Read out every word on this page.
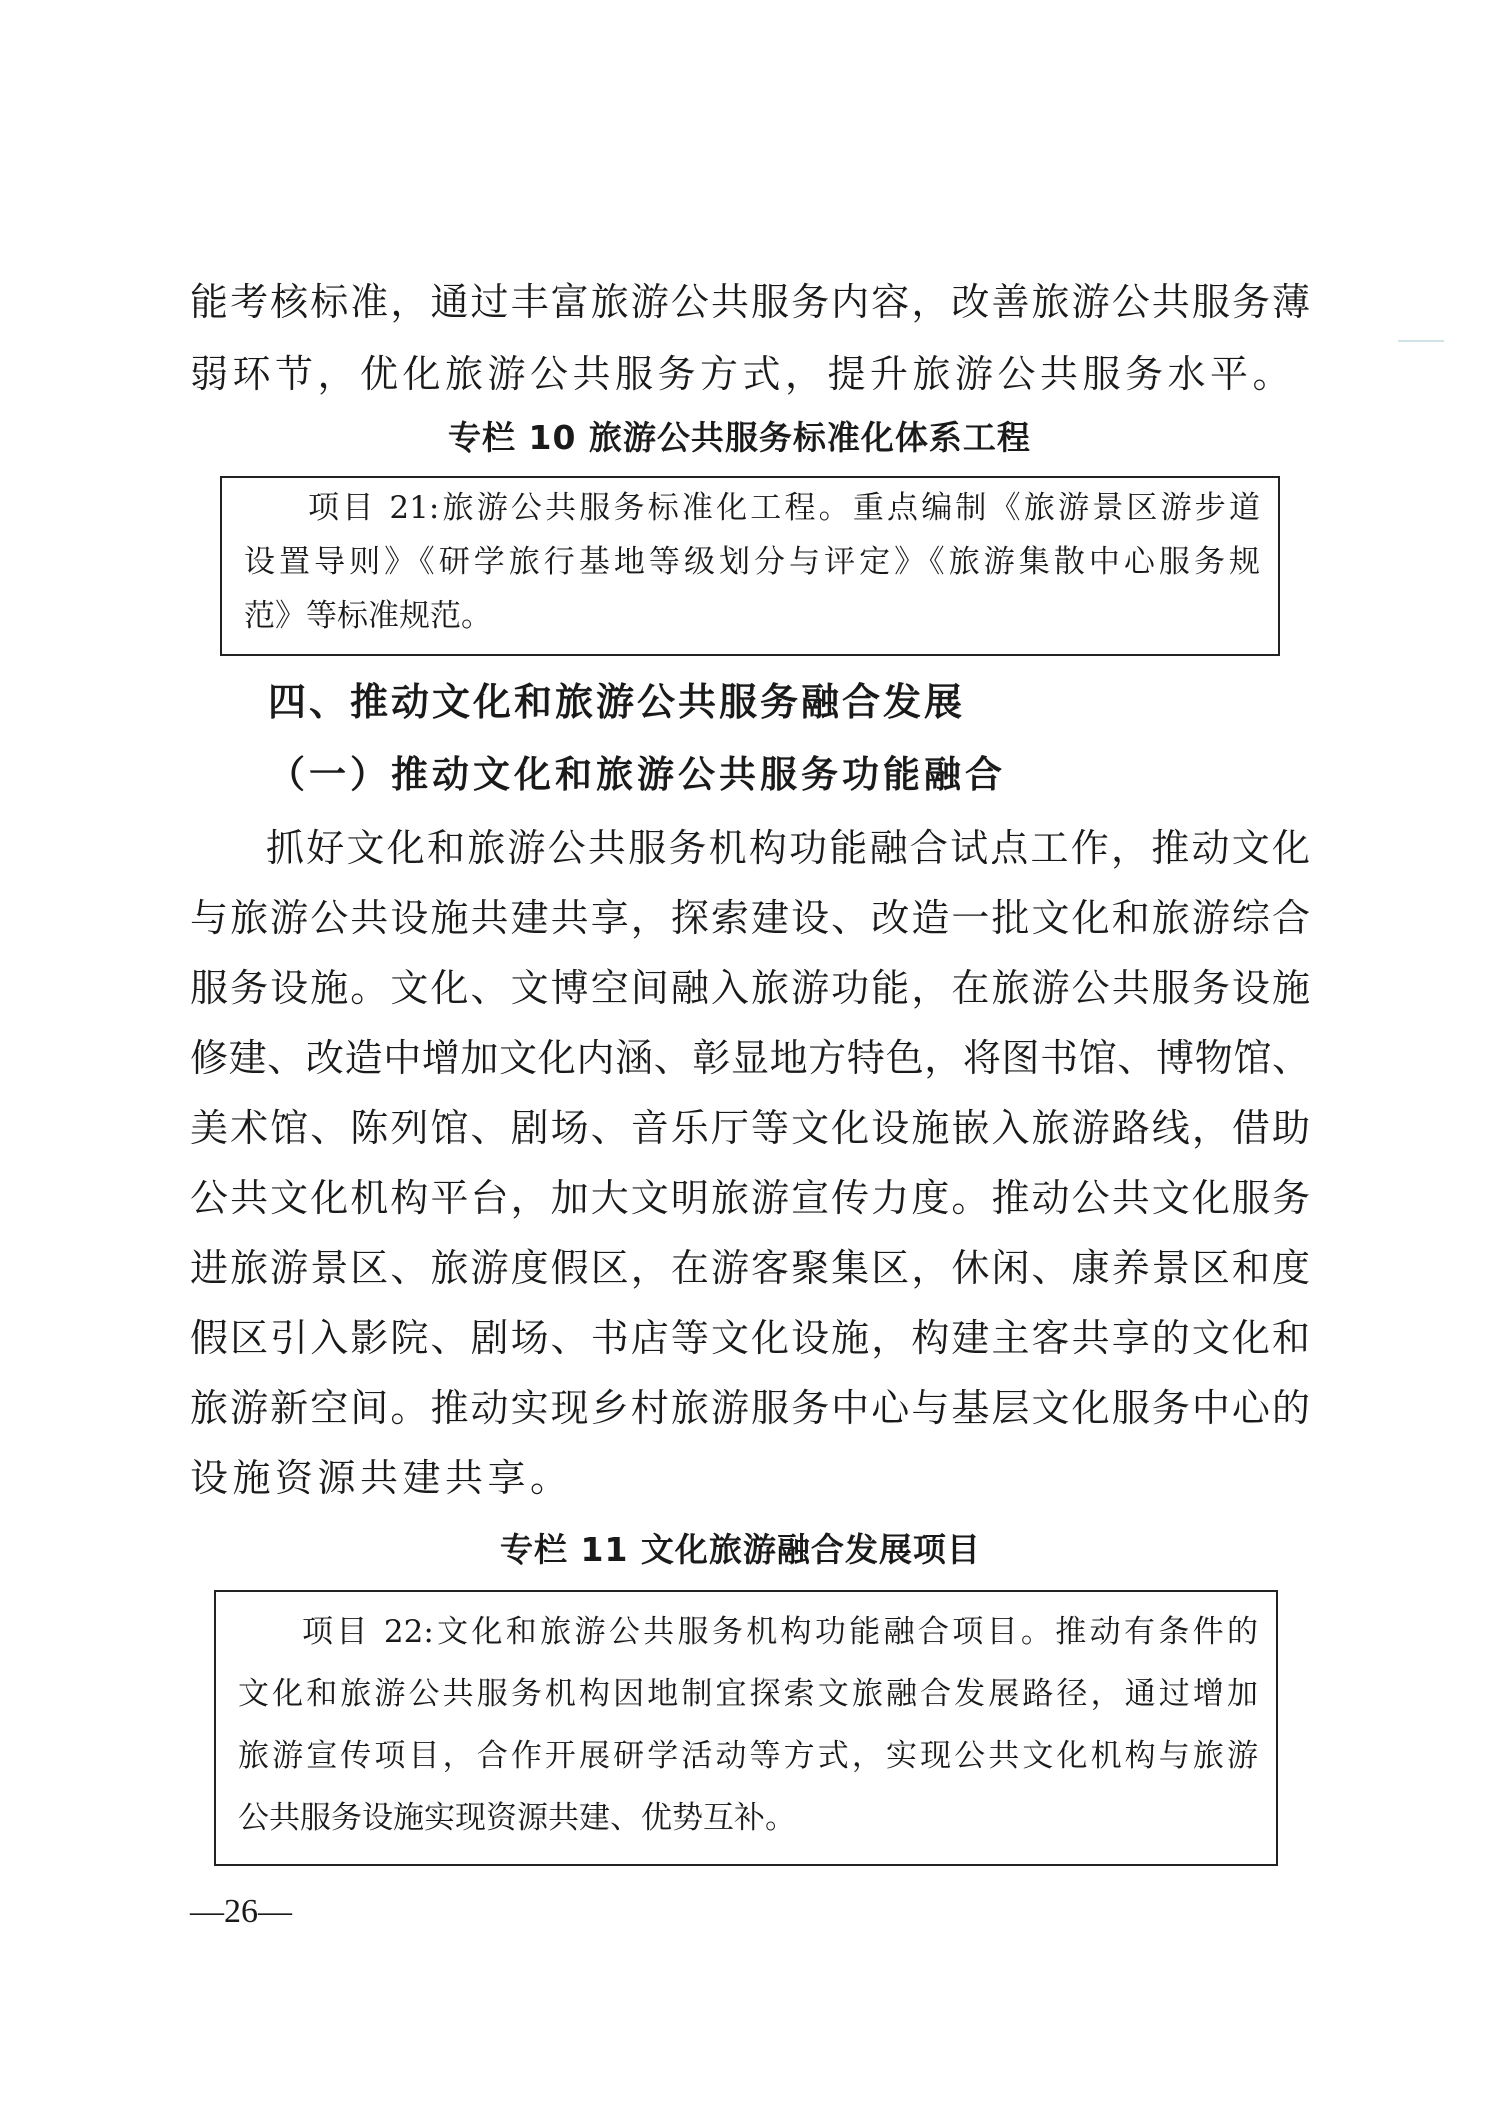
能考核标准，通过丰富旅游公共服务内容，改善旅游公共服务薄
弱环节，优化旅游公共服务方式，提升旅游公共服务水平。
专栏 10 旅游公共服务标准化体系工程
项目 21:旅游公共服务标准化工程。重点编制《旅游景区游步道
设置导则》《研学旅行基地等级划分与评定》《旅游集散中心服务规
范》等标准规范。
四、推动文化和旅游公共服务融合发展
（一）推动文化和旅游公共服务功能融合
抓好文化和旅游公共服务机构功能融合试点工作，推动文化
与旅游公共设施共建共享，探索建设、改造一批文化和旅游综合
服务设施。文化、文博空间融入旅游功能，在旅游公共服务设施
修建、改造中增加文化内涵、彰显地方特色，将图书馆、博物馆、
美术馆、陈列馆、剧场、音乐厅等文化设施嵌入旅游路线，借助
公共文化机构平台，加大文明旅游宣传力度。推动公共文化服务
进旅游景区、旅游度假区，在游客聚集区，休闲、康养景区和度
假区引入影院、剧场、书店等文化设施，构建主客共享的文化和
旅游新空间。推动实现乡村旅游服务中心与基层文化服务中心的
设施资源共建共享。
专栏 11 文化旅游融合发展项目
项目 22:文化和旅游公共服务机构功能融合项目。推动有条件的
文化和旅游公共服务机构因地制宜探索文旅融合发展路径，通过增加
旅游宣传项目，合作开展研学活动等方式，实现公共文化机构与旅游
公共服务设施实现资源共建、优势互补。
—26—
